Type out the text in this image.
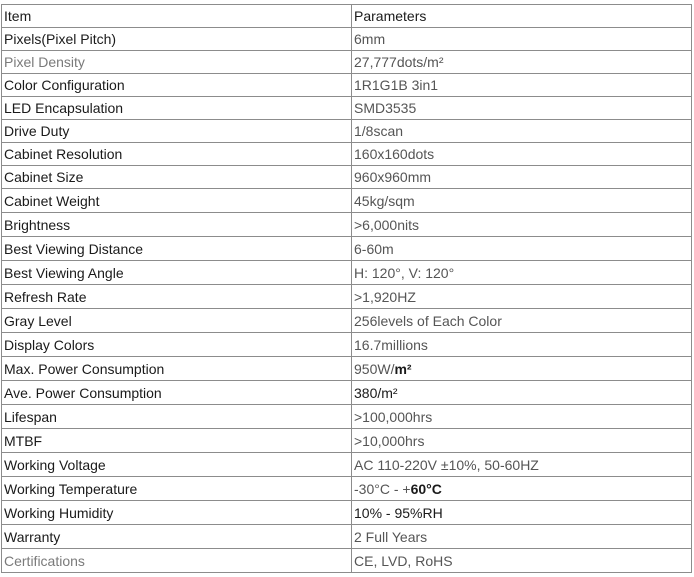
Item	Parameters
Pixels(Pixel Pitch)	6mm
Pixel Density	27,777dots/m²
Color Configuration	1R1G1B 3in1
LED Encapsulation	SMD3535
Drive Duty	1/8scan
Cabinet Resolution	160x160dots
Cabinet Size	960x960mm
Cabinet Weight	45kg/sqm
Brightness	>6,000nits
Best Viewing Distance	6-60m
Best Viewing Angle	H: 120°, V: 120°
Refresh Rate	>1,920HZ
Gray Level	256levels of Each Color
Display Colors	16.7millions
Max. Power Consumption	950W/m²
Ave. Power Consumption	380/m²
Lifespan	>100,000hrs
MTBF	>10,000hrs
Working Voltage	AC 110-220V ±10%, 50-60HZ
Working Temperature	-30°C - +60°C
Working Humidity	10% - 95%RH
Warranty	2 Full Years
Certifications	CE, LVD, RoHS
